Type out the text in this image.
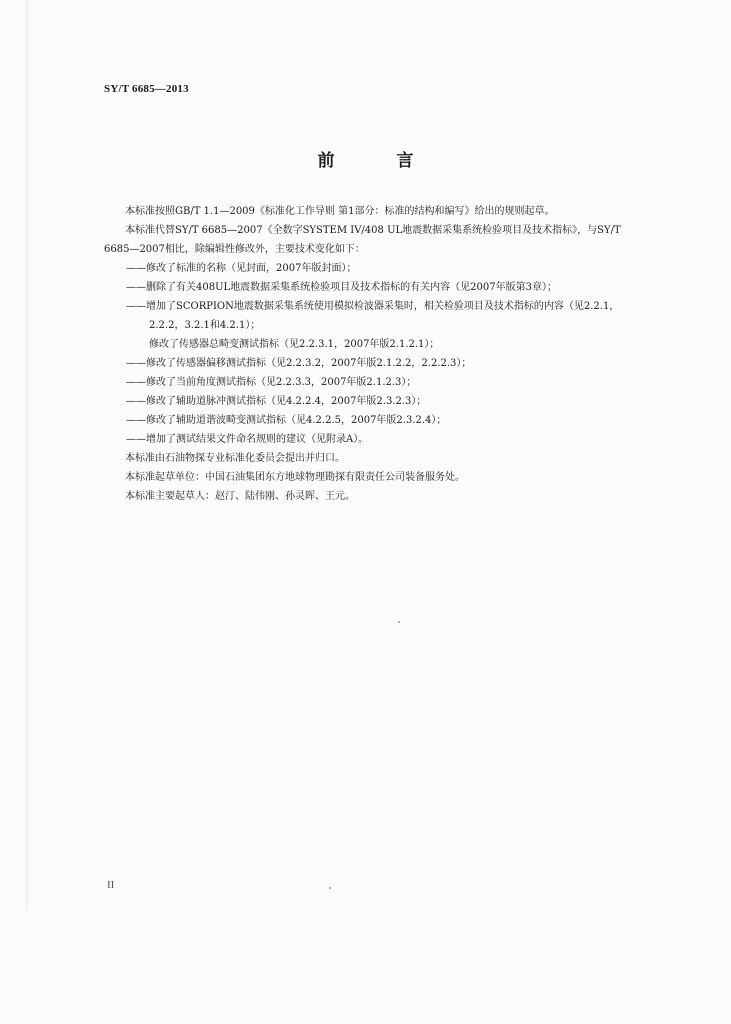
SY/T 6685—2013
前 言

本标准按照GB/T 1.1—2009《标准化工作导则 第1部分：标准的结构和编写》给出的规则起草。

本标准代替SY/T 6685—2007《全数字SYSTEM IV/408 UL地震数据采集系统检验项目及技术指标》，与SY/T 6685—2007相比，除编辑性修改外，主要技术变化如下：

——修改了标准的名称（见封面，2007年版封面）；

——删除了有关408UL地震数据采集系统检验项目及技术指标的有关内容（见2007年版第3章）；

——增加了SCORPION地震数据采集系统使用模拟检波器采集时，相关检验项目及技术指标的内容（见2.2.1，2.2.2，3.2.1和4.2.1）；

修改了传感器总畸变测试指标（见2.2.3.1，2007年版2.1.2.1）；

——修改了传感器偏移测试指标（见2.2.3.2，2007年版2.1.2.2，2.2.2.3）；

——修改了当前角度测试指标（见2.2.3.3，2007年版2.1.2.3）；

——修改了辅助道脉冲测试指标（见4.2.2.4，2007年版2.3.2.3）；

——修改了辅助道谐波畸变测试指标（见4.2.2.5，2007年版2.3.2.4）；

——增加了测试结果文件命名规则的建议（见附录A）。

本标准由石油物探专业标准化委员会提出并归口。

本标准起草单位：中国石油集团东方地球物理勘探有限责任公司装备服务处。

本标准主要起草人：赵汀、陆伟刚、孙灵晖、王元。

II
